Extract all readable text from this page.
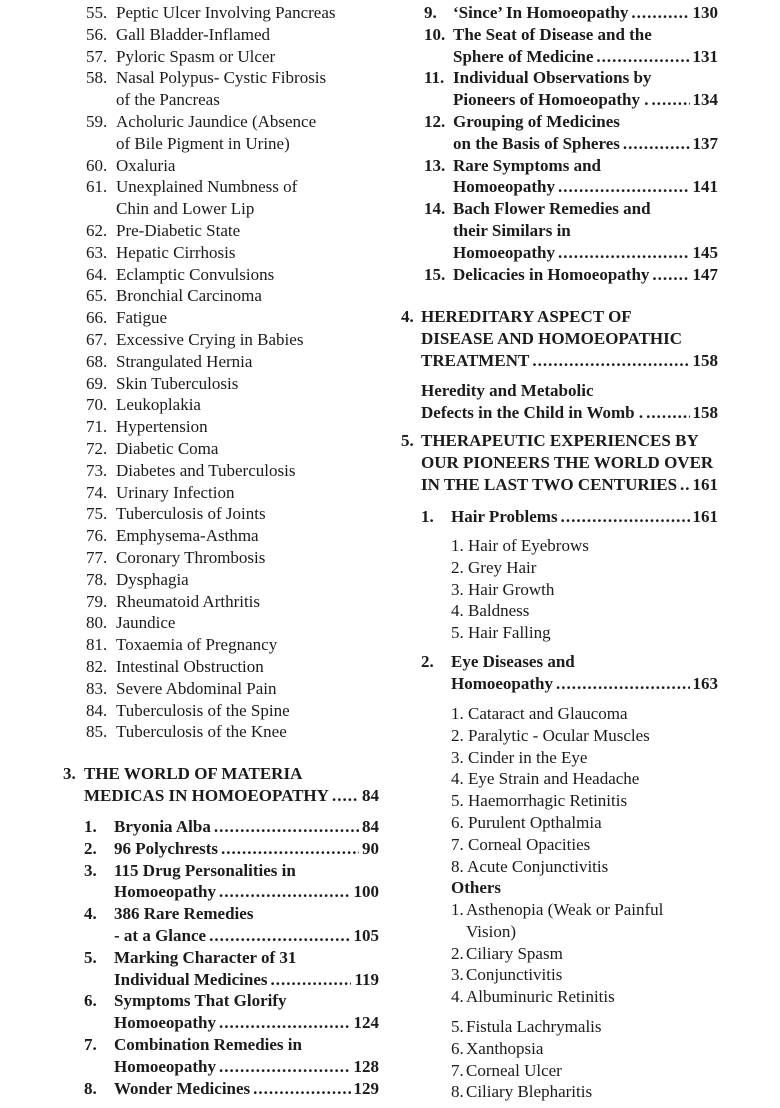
55. Peptic Ulcer Involving Pancreas
56. Gall Bladder-Inflamed
57. Pyloric Spasm or Ulcer
58. Nasal Polypus- Cystic Fibrosis
of the Pancreas
59. Acholuric Jaundice (Absence
of Bile Pigment in Urine)
60. Oxaluria
61. Unexplained Numbness of
Chin and Lower Lip
62. Pre-Diabetic State
63. Hepatic Cirrhosis
64. Eclamptic Convulsions
65. Bronchial Carcinoma
66. Fatigue
67. Excessive Crying in Babies
68. Strangulated Hernia
69. Skin Tuberculosis
70. Leukoplakia
71. Hypertension
72. Diabetic Coma
73. Diabetes and Tuberculosis
74. Urinary Infection
75. Tuberculosis of Joints
76. Emphysema-Asthma
77. Coronary Thrombosis
78. Dysphagia
79. Rheumatoid Arthritis
80. Jaundice
81. Toxaemia of Pregnancy
82. Intestinal Obstruction
83. Severe Abdominal Pain
84. Tuberculosis of the Spine
85. Tuberculosis of the Knee
3. THE WORLD OF MATERIA
MEDICAS IN HOMOEOPATHY ..... 84
1.	Bryonia Alba .....	84
2.	96 Polychrests .....	90
3.	115 Drug Personalities in
Homoeopathy .....	100
4.	386 Rare Remedies
- at a Glance .....	105
5.	Marking Character of 31
Individual Medicines .....	119
6.	Symptoms That Glorify
Homoeopathy .....	124
7.	Combination Remedies in
Homoeopathy .....	128
8.	Wonder Medicines .....	129
9. ‘Since’ In Homoeopathy .....	130
10. The Seat of Disease and the
Sphere of Medicine .....	131
11. Individual Observations by
Pioneers of Homoeopathy . .....	134
12. Grouping of Medicines
on the Basis of Spheres .....	137
13. Rare Symptoms and
Homoeopathy .....	141
14. Bach Flower Remedies and
their Similars in
Homoeopathy .....	145
15. Delicacies in Homoeopathy .....	147
4. HEREDITARY ASPECT OF
DISEASE AND HOMOEOPATHIC
TREATMENT .....	158
Heredity and Metabolic
Defects in the Child in Womb . .....	158
5. THERAPEUTIC EXPERIENCES BY
OUR PIONEERS THE WORLD OVER
IN THE LAST TWO CENTURIES ..... 161
1.	Hair Problems .....	161
1. Hair of Eyebrows
2. Grey Hair
3. Hair Growth
4. Baldness
5. Hair Falling
2.	Eye Diseases and
Homoeopathy .....	163
1. Cataract and Glaucoma
2. Paralytic - Ocular Muscles
3. Cinder in the Eye
4. Eye Strain and Headache
5. Haemorrhagic Retinitis
6. Purulent Opthalmia
7. Corneal Opacities
8. Acute Conjunctivitis
Others
1. Asthenopia (Weak or Painful
Vision)
2. Ciliary Spasm
3. Conjunctivitis
4. Albuminuric Retinitis
5. Fistula Lachrymalis
6. Xanthopsia
7. Corneal Ulcer
8. Ciliary Blepharitis
